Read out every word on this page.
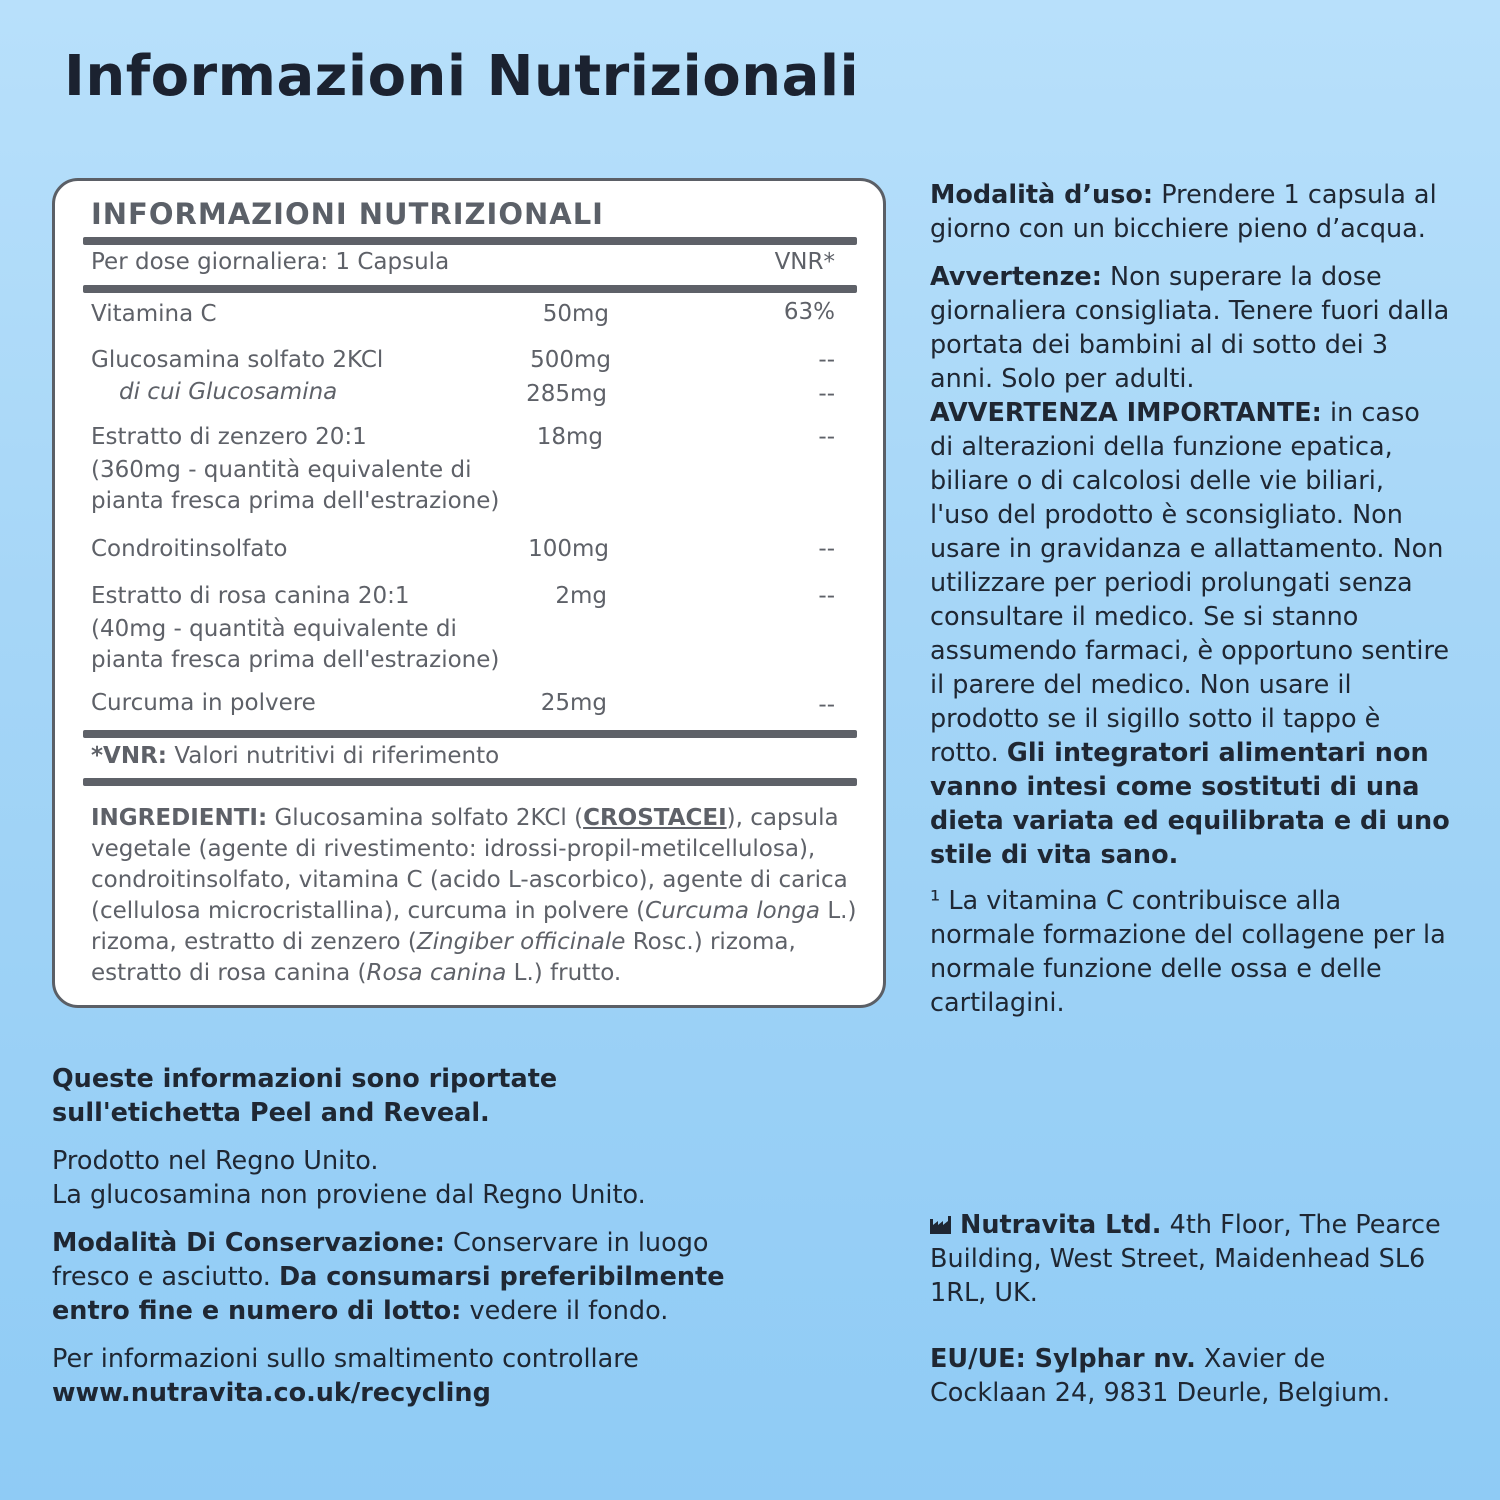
Informazioni Nutrizionali
INFORMAZIONI NUTRIZIONALI
Per dose giornaliera: 1 Capsula	VNR*
Vitamina C	50mg	63%
Glucosamina solfato 2KCl	500mg	--
di cui Glucosamina	285mg	--
Estratto di zenzero 20:1	18mg	--
(360mg - quantità equivalente di pianta fresca prima dell'estrazione)
Condroitinsolfato	100mg	--
Estratto di rosa canina 20:1	2mg	--
(40mg - quantità equivalente di pianta fresca prima dell'estrazione)
Curcuma in polvere	25mg	--
*VNR: Valori nutritivi di riferimento
INGREDIENTI: Glucosamina solfato 2KCl (CROSTACEI), capsula vegetale (agente di rivestimento: idrossi-propil-metilcellulosa), condroitinsolfato, vitamina C (acido L-ascorbico), agente di carica (cellulosa microcristallina), curcuma in polvere (Curcuma longa L.) rizoma, estratto di zenzero (Zingiber officinale Rosc.) rizoma, estratto di rosa canina (Rosa canina L.) frutto.

Modalità d’uso: Prendere 1 capsula al giorno con un bicchiere pieno d’acqua.

Avvertenze: Non superare la dose giornaliera consigliata. Tenere fuori dalla portata dei bambini al di sotto dei 3 anni. Solo per adulti.
AVVERTENZA IMPORTANTE: in caso di alterazioni della funzione epatica, biliare o di calcolosi delle vie biliari, l'uso del prodotto è sconsigliato. Non usare in gravidanza e allattamento. Non utilizzare per periodi prolungati senza consultare il medico. Se si stanno assumendo farmaci, è opportuno sentire il parere del medico. Non usare il prodotto se il sigillo sotto il tappo è rotto. Gli integratori alimentari non vanno intesi come sostituti di una dieta variata ed equilibrata e di uno stile di vita sano.

¹ La vitamina C contribuisce alla normale formazione del collagene per la normale funzione delle ossa e delle cartilagini.

Queste informazioni sono riportate sull'etichetta Peel and Reveal.

Prodotto nel Regno Unito.
La glucosamina non proviene dal Regno Unito.

Modalità Di Conservazione: Conservare in luogo fresco e asciutto. Da consumarsi preferibilmente entro fine e numero di lotto: vedere il fondo.

Per informazioni sullo smaltimento controllare
www.nutravita.co.uk/recycling

Nutravita Ltd. 4th Floor, The Pearce Building, West Street, Maidenhead SL6 1RL, UK.

EU/UE: Sylphar nv. Xavier de Cocklaan 24, 9831 Deurle, Belgium.
